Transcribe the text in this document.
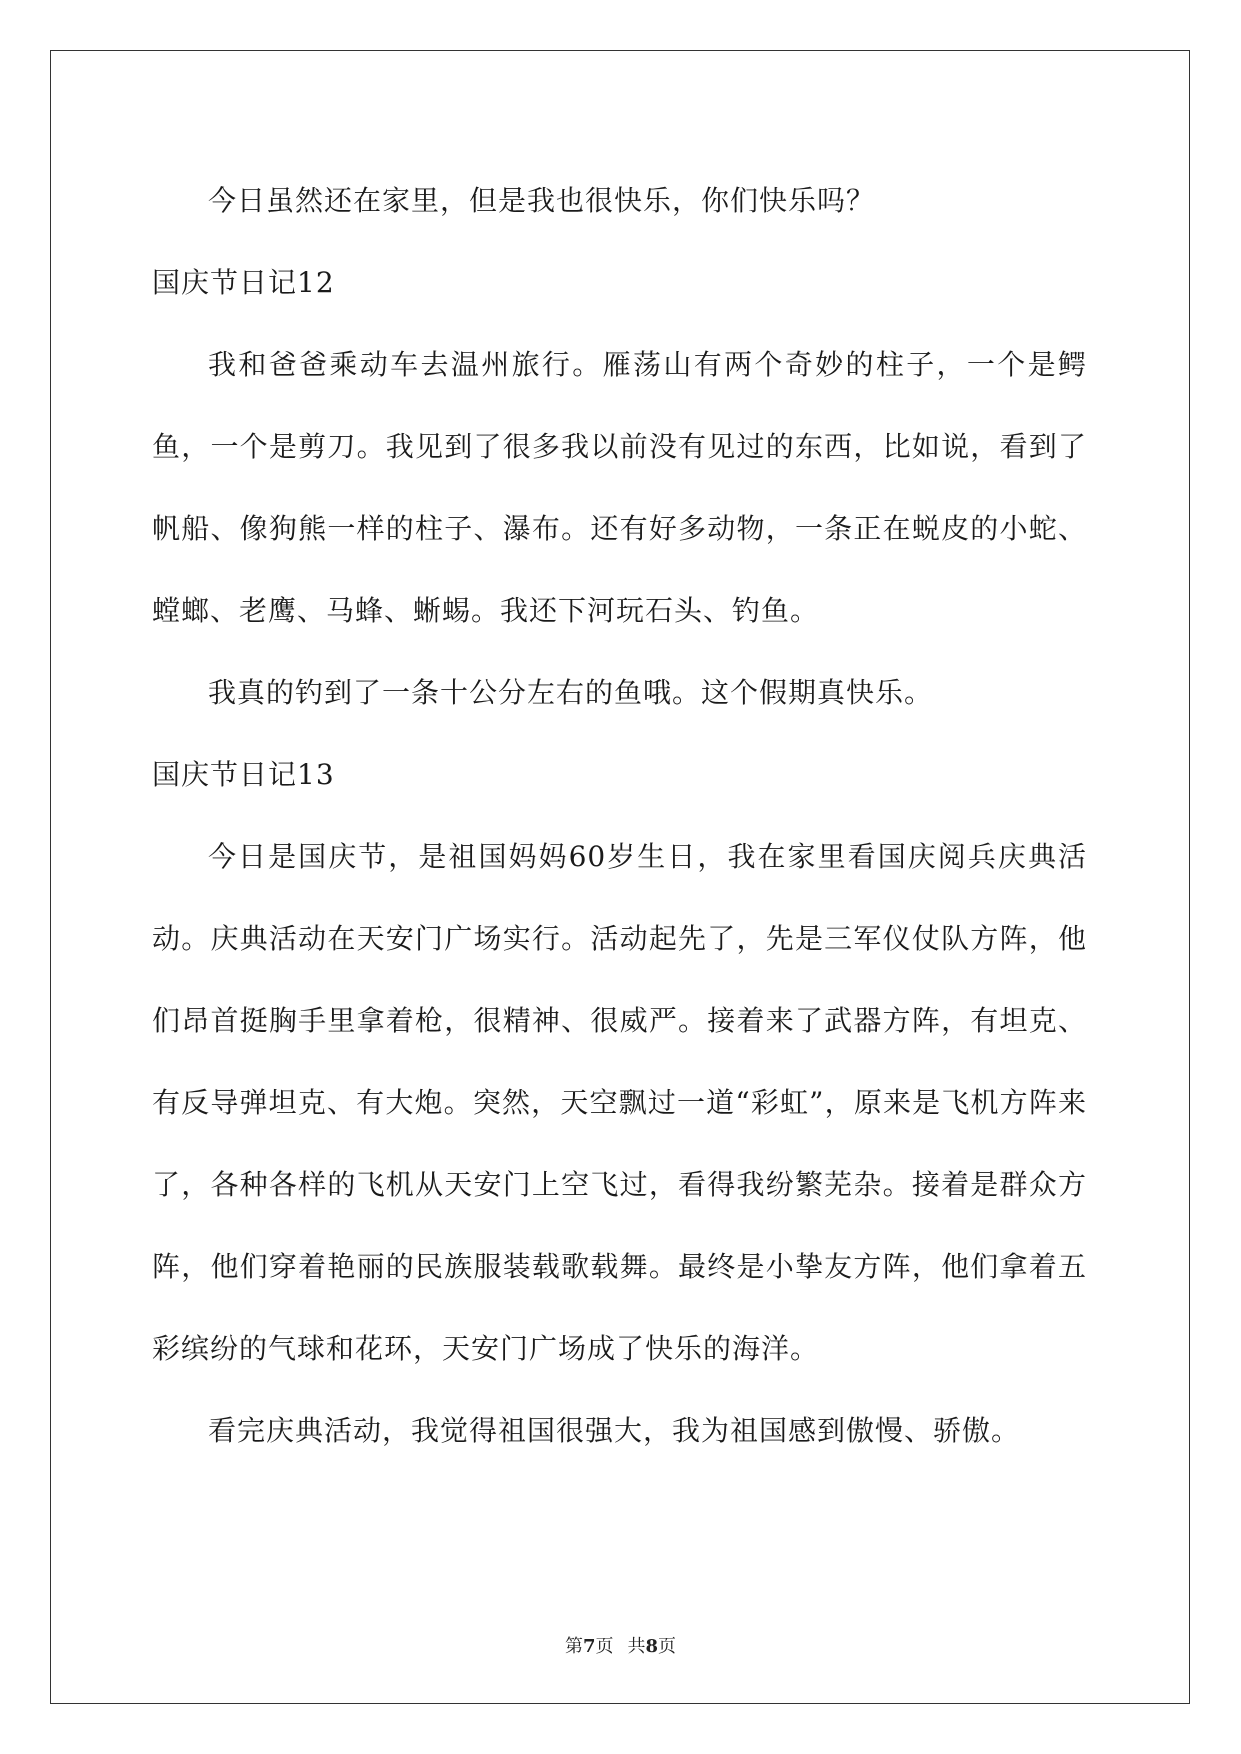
今日虽然还在家里，但是我也很快乐，你们快乐吗？

国庆节日记12

我和爸爸乘动车去温州旅行。雁荡山有两个奇妙的柱子，一个是鳄鱼，一个是剪刀。我见到了很多我以前没有见过的东西，比如说，看到了帆船、像狗熊一样的柱子、瀑布。还有好多动物，一条正在蜕皮的小蛇、螳螂、老鹰、马蜂、蜥蜴。我还下河玩石头、钓鱼。

我真的钓到了一条十公分左右的鱼哦。这个假期真快乐。

国庆节日记13

今日是国庆节，是祖国妈妈60岁生日，我在家里看国庆阅兵庆典活动。庆典活动在天安门广场实行。活动起先了，先是三军仪仗队方阵，他们昂首挺胸手里拿着枪，很精神、很威严。接着来了武器方阵，有坦克、有反导弹坦克、有大炮。突然，天空飘过一道“彩虹”，原来是飞机方阵来了，各种各样的飞机从天安门上空飞过，看得我纷繁芜杂。接着是群众方阵，他们穿着艳丽的民族服装载歌载舞。最终是小挚友方阵，他们拿着五彩缤纷的气球和花环，天安门广场成了快乐的海洋。

看完庆典活动，我觉得祖国很强大，我为祖国感到傲慢、骄傲。

第7页 共8页
